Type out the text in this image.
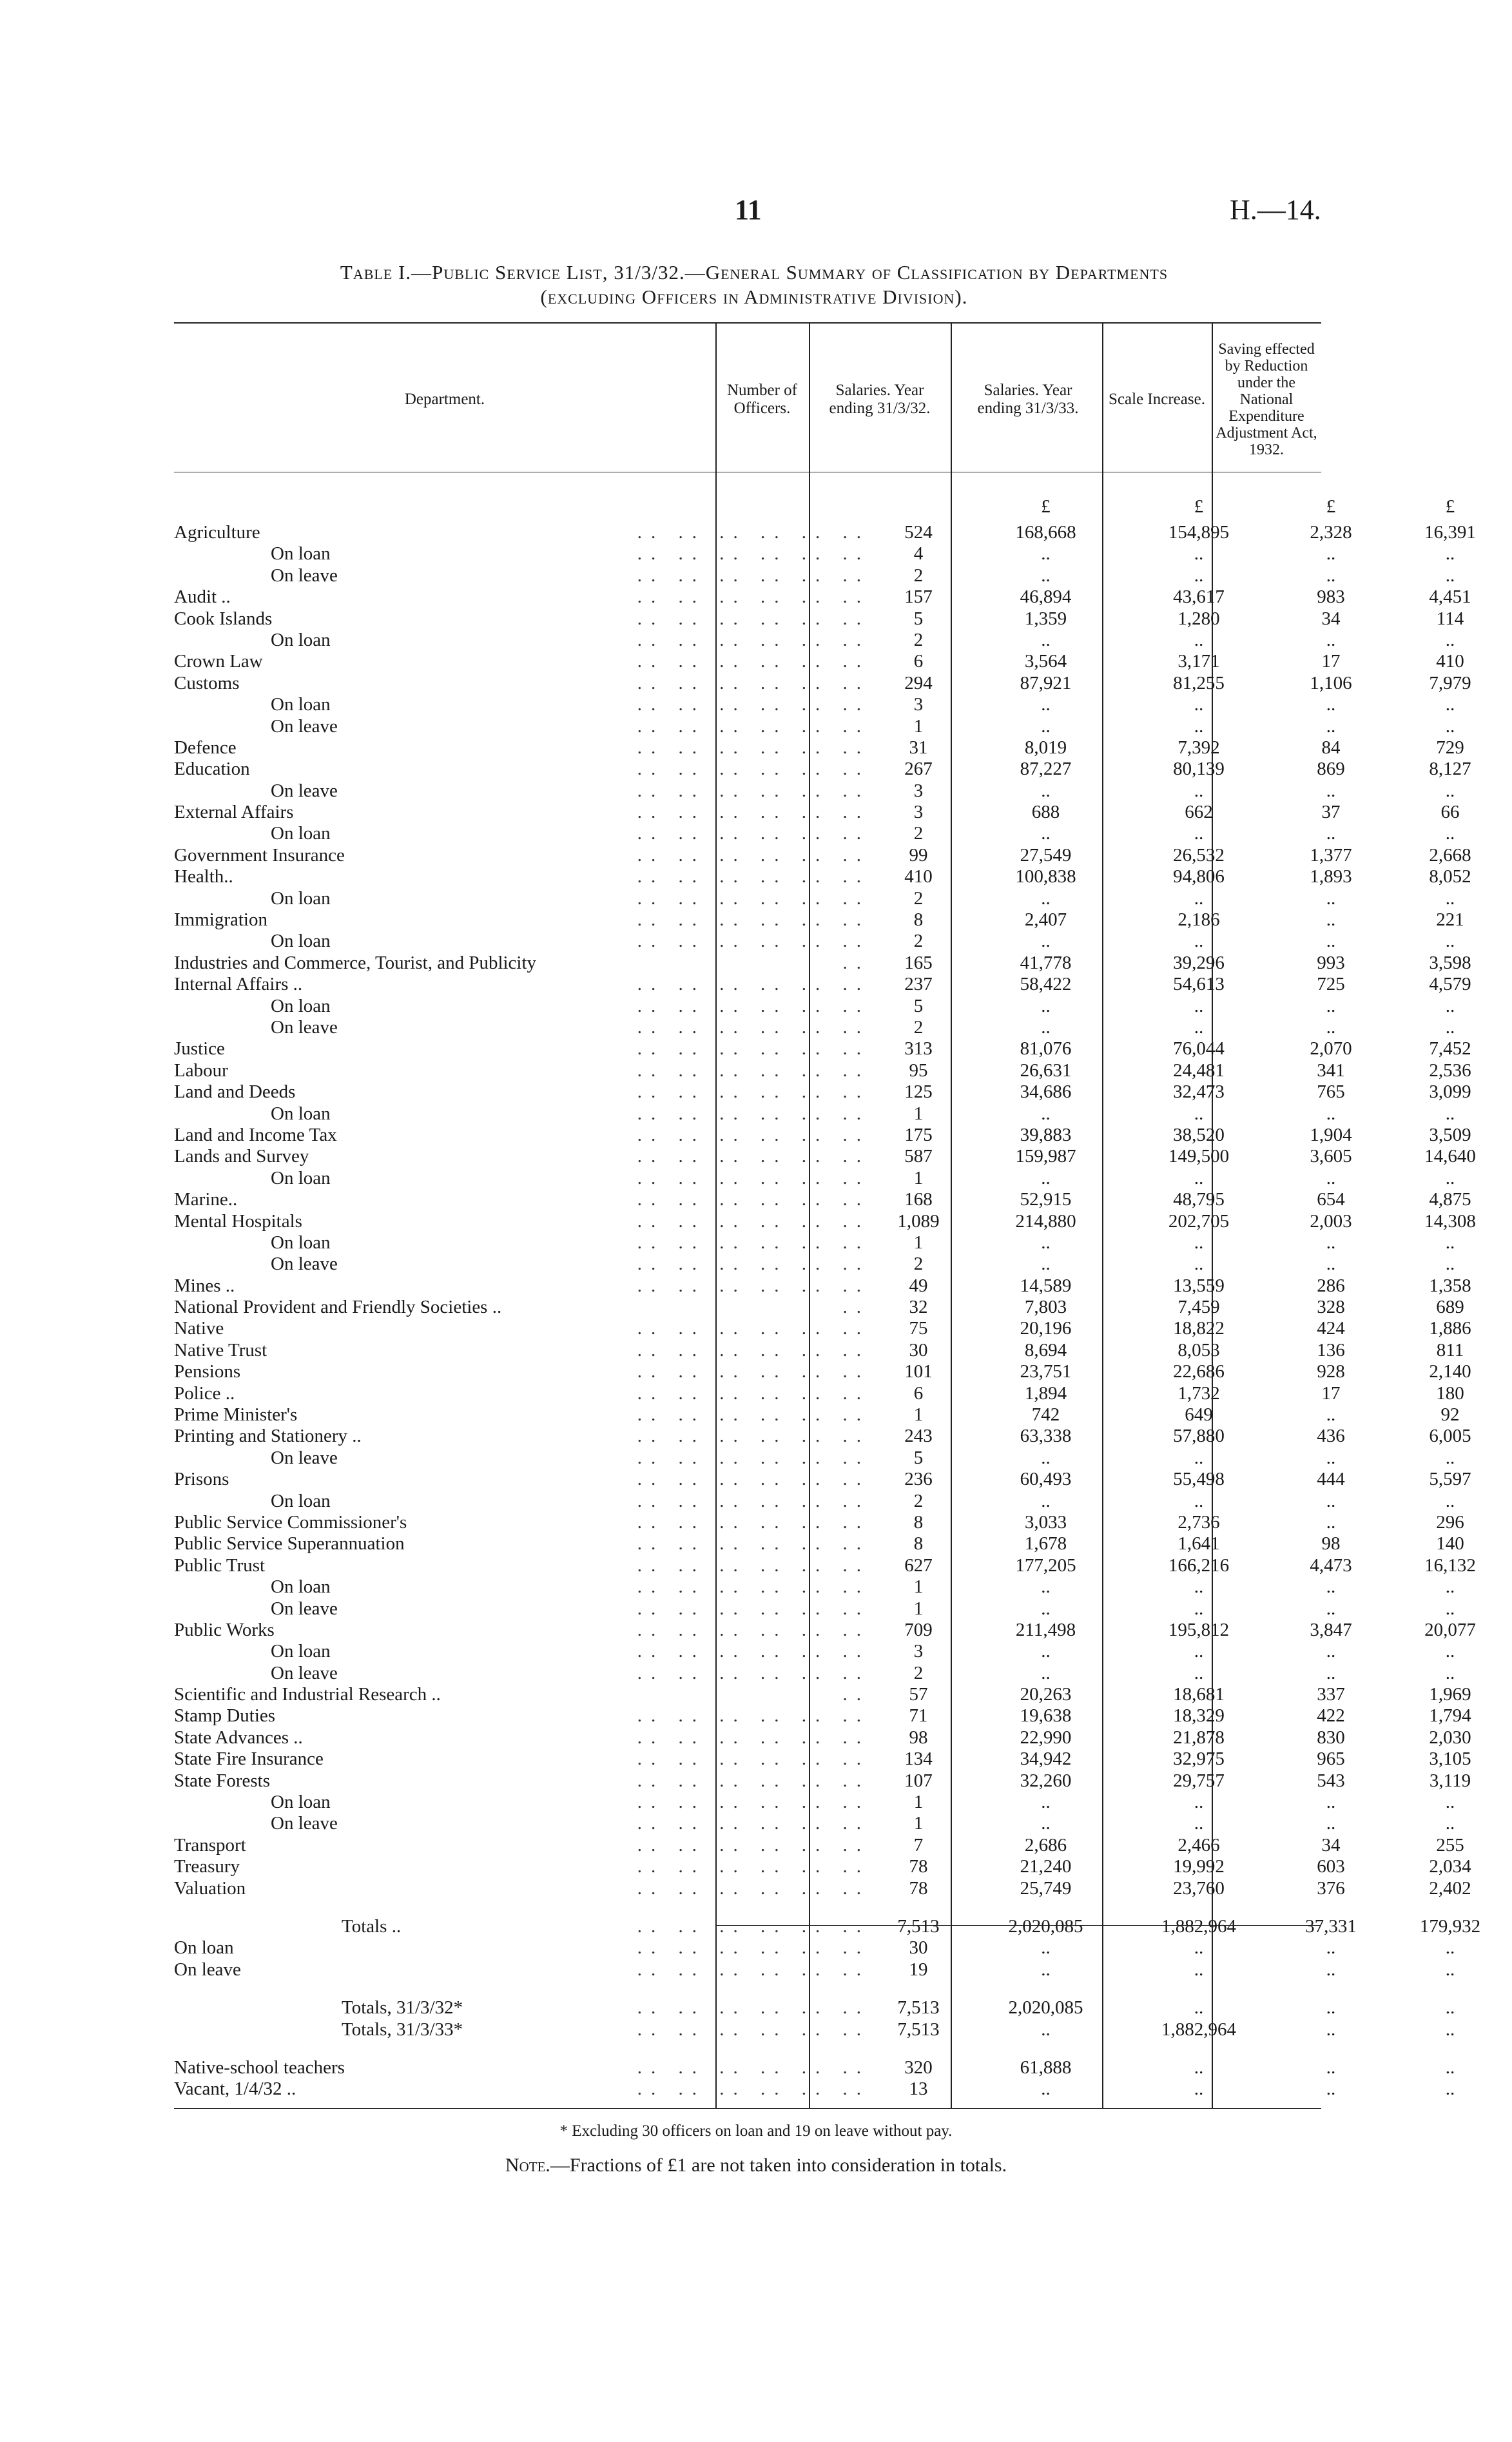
11	H.—14.
Table I.—Public Service List, 31/3/32.—General Summary of Classification by Departments
(excluding Officers in Administrative Division).
Department.
Number of Officers.
Salaries. Year ending 31/3/32.
Salaries. Year ending 31/3/33.
Scale Increase.
Saving effected by Reduction under the National Expenditure Adjustment Act, 1932.
£	£	£	£
Agriculture	.. .. .. .. .. ..	524	168,668	154,895	2,328	16,391
On loan	.. .. .. .. .. ..	4	..	..	..	..
On leave	.. .. .. .. .. ..	2	..	..	..	..
Audit ..	.. .. .. .. .. ..	157	46,894	43,617	983	4,451
Cook Islands	.. .. .. .. .. ..	5	1,359	1,280	34	114
On loan	.. .. .. .. .. ..	2	..	..	..	..
Crown Law	.. .. .. .. .. ..	6	3,564	3,171	17	410
Customs	.. .. .. .. .. ..	294	87,921	81,255	1,106	7,979
On loan	.. .. .. .. .. ..	3	..	..	..	..
On leave	.. .. .. .. .. ..	1	..	..	..	..
Defence	.. .. .. .. .. ..	31	8,019	7,392	84	729
Education	.. .. .. .. .. ..	267	87,227	80,139	869	8,127
On leave	.. .. .. .. .. ..	3	..	..	..	..
External Affairs	.. .. .. .. .. ..	3	688	662	37	66
On loan	.. .. .. .. .. ..	2	..	..	..	..
Government Insurance	.. .. .. .. .. ..	99	27,549	26,532	1,377	2,668
Health..	.. .. .. .. .. ..	410	100,838	94,806	1,893	8,052
On loan	.. .. .. .. .. ..	2	..	..	..	..
Immigration	.. .. .. .. .. ..	8	2,407	2,186	..	221
On loan	.. .. .. .. .. ..	2	..	..	..	..
Industries and Commerce, Tourist, and Publicity	..	165	41,778	39,296	993	3,598
Internal Affairs ..	.. .. .. .. .. ..	237	58,422	54,613	725	4,579
On loan	.. .. .. .. .. ..	5	..	..	..	..
On leave	.. .. .. .. .. ..	2	..	..	..	..
Justice	.. .. .. .. .. ..	313	81,076	76,044	2,070	7,452
Labour	.. .. .. .. .. ..	95	26,631	24,481	341	2,536
Land and Deeds	.. .. .. .. .. ..	125	34,686	32,473	765	3,099
On loan	.. .. .. .. .. ..	1	..	..	..	..
Land and Income Tax	.. .. .. .. .. ..	175	39,883	38,520	1,904	3,509
Lands and Survey	.. .. .. .. .. ..	587	159,987	149,500	3,605	14,640
On loan	.. .. .. .. .. ..	1	..	..	..	..
Marine..	.. .. .. .. .. ..	168	52,915	48,795	654	4,875
Mental Hospitals	.. .. .. .. .. ..	1,089	214,880	202,705	2,003	14,308
On loan	.. .. .. .. .. ..	1	..	..	..	..
On leave	.. .. .. .. .. ..	2	..	..	..	..
Mines ..	.. .. .. .. .. ..	49	14,589	13,559	286	1,358
National Provident and Friendly Societies ..	..	32	7,803	7,459	328	689
Native	.. .. .. .. .. ..	75	20,196	18,822	424	1,886
Native Trust	.. .. .. .. .. ..	30	8,694	8,053	136	811
Pensions	.. .. .. .. .. ..	101	23,751	22,686	928	2,140
Police ..	.. .. .. .. .. ..	6	1,894	1,732	17	180
Prime Minister's	.. .. .. .. .. ..	1	742	649	..	92
Printing and Stationery ..	.. .. .. .. .. ..	243	63,338	57,880	436	6,005
On leave	.. .. .. .. .. ..	5	..	..	..	..
Prisons	.. .. .. .. .. ..	236	60,493	55,498	444	5,597
On loan	.. .. .. .. .. ..	2	..	..	..	..
Public Service Commissioner's	.. .. .. .. .. ..	8	3,033	2,736	..	296
Public Service Superannuation	.. .. .. .. .. ..	8	1,678	1,641	98	140
Public Trust	.. .. .. .. .. ..	627	177,205	166,216	4,473	16,132
On loan	.. .. .. .. .. ..	1	..	..	..	..
On leave	.. .. .. .. .. ..	1	..	..	..	..
Public Works	.. .. .. .. .. ..	709	211,498	195,812	3,847	20,077
On loan	.. .. .. .. .. ..	3	..	..	..	..
On leave	.. .. .. .. .. ..	2	..	..	..	..
Scientific and Industrial Research ..	..	57	20,263	18,681	337	1,969
Stamp Duties	.. .. .. .. .. ..	71	19,638	18,329	422	1,794
State Advances ..	.. .. .. .. .. ..	98	22,990	21,878	830	2,030
State Fire Insurance	.. .. .. .. .. ..	134	34,942	32,975	965	3,105
State Forests	.. .. .. .. .. ..	107	32,260	29,757	543	3,119
On loan	.. .. .. .. .. ..	1	..	..	..	..
On leave	.. .. .. .. .. ..	1	..	..	..	..
Transport	.. .. .. .. .. ..	7	2,686	2,466	34	255
Treasury	.. .. .. .. .. ..	78	21,240	19,992	603	2,034
Valuation	.. .. .. .. .. ..	78	25,749	23,760	376	2,402
Totals ..	.. .. .. .. .. ..	7,513	2,020,085	1,882,964	37,331	179,932
On loan	.. .. .. .. .. ..	30	..	..	..	..
On leave	.. .. .. .. .. ..	19	..	..	..	..
Totals, 31/3/32*	.. .. .. .. .. ..	7,513	2,020,085	..	..	..
Totals, 31/3/33*	.. .. .. .. .. ..	7,513	..	1,882,964	..	..
Native-school teachers	.. .. .. .. .. ..	320	61,888	..	..	..
Vacant, 1/4/32 ..	.. .. .. .. .. ..	13	..	..	..	..
* Excluding 30 officers on loan and 19 on leave without pay.
Note.—Fractions of £1 are not taken into consideration in totals.
